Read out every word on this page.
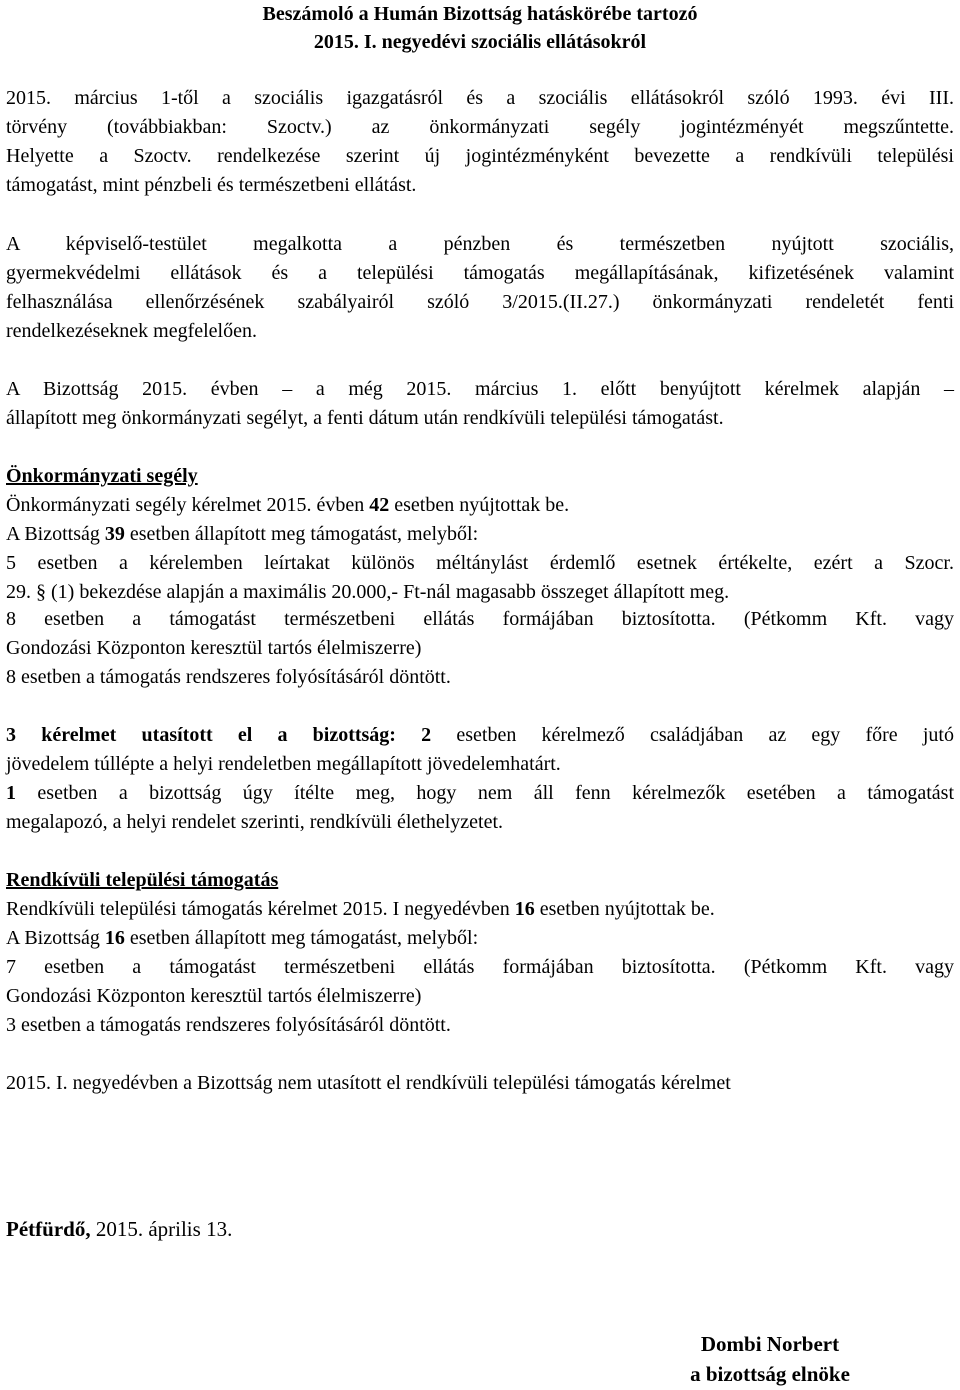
Beszámoló a Humán Bizottság hatáskörébe tartozó
2015. I. negyedévi szociális ellátásokról
2015. március 1-től a szociális igazgatásról és a szociális ellátásokról szóló 1993. évi III.
törvény (továbbiakban: Szoctv.) az önkormányzati segély jogintézményét megszűntette.
Helyette a Szoctv. rendelkezése szerint új jogintézményként bevezette a rendkívüli települési
támogatást, mint pénzbeli és természetbeni ellátást.
A képviselő-testület megalkotta a pénzben és természetben nyújtott szociális,
gyermekvédelmi ellátások és a települési támogatás megállapításának, kifizetésének valamint
felhasználása ellenőrzésének szabályairól szóló 3/2015.(II.27.) önkormányzati rendeletét fenti
rendelkezéseknek megfelelően.
A Bizottság 2015. évben – a még 2015. március 1. előtt benyújtott kérelmek alapján –
állapított meg önkormányzati segélyt, a fenti dátum után rendkívüli települési támogatást.
Önkormányzati segély
Önkormányzati segély kérelmet 2015. évben 42 esetben nyújtottak be.
A Bizottság 39 esetben állapított meg támogatást, melyből:
5 esetben a kérelemben leírtakat különös méltánylást érdemlő esetnek értékelte, ezért a Szocr.
29. § (1) bekezdése alapján a maximális 20.000,- Ft-nál magasabb összeget állapított meg.
8 esetben a támogatást természetbeni ellátás formájában biztosította. (Pétkomm Kft. vagy
Gondozási Központon keresztül tartós élelmiszerre)
8 esetben a támogatás rendszeres folyósításáról döntött.
3 kérelmet utasított el a bizottság: 2 esetben kérelmező családjában az egy főre jutó
jövedelem túllépte a helyi rendeletben megállapított jövedelemhatárt.
1 esetben a bizottság úgy ítélte meg, hogy nem áll fenn kérelmezők esetében a támogatást
megalapozó, a helyi rendelet szerinti, rendkívüli élethelyzetet.
Rendkívüli települési támogatás
Rendkívüli települési támogatás kérelmet 2015. I negyedévben 16 esetben nyújtottak be.
A Bizottság 16 esetben állapított meg támogatást, melyből:
7 esetben a támogatást természetbeni ellátás formájában biztosította. (Pétkomm Kft. vagy
Gondozási Központon keresztül tartós élelmiszerre)
3 esetben a támogatás rendszeres folyósításáról döntött.
2015. I. negyedévben a Bizottság nem utasított el rendkívüli települési támogatás kérelmet
Pétfürdő, 2015. április 13.
Dombi Norbert
a bizottság elnöke
